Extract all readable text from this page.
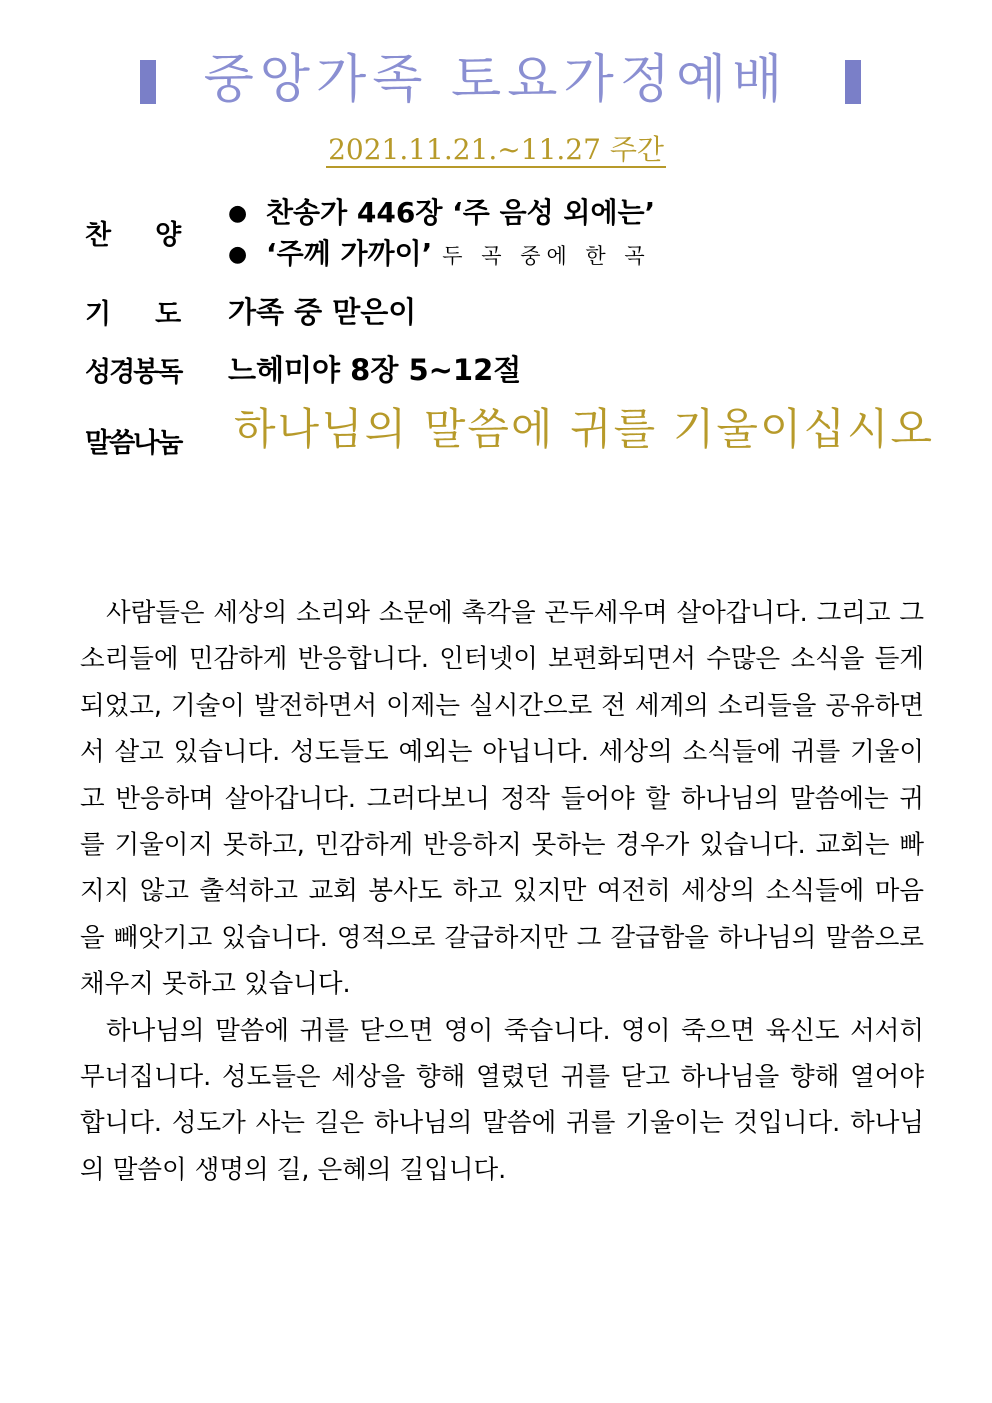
중앙가족 토요가정예배
2021.11.21.~11.27 주간
찬양
● 찬송가 446장 ‘주 음성 외에는’
● ‘주께 가까이’ 두 곡 중에 한 곡
기도 가족 중 맏은이
성경봉독 느헤미야 8장 5~12절
말씀나눔 하나님의 말씀에 귀를 기울이십시오

사람들은 세상의 소리와 소문에 촉각을 곤두세우며 살아갑니다. 그리고 그 소리들에 민감하게 반응합니다. 인터넷이 보편화되면서 수많은 소식을 듣게 되었고, 기술이 발전하면서 이제는 실시간으로 전 세계의 소리들을 공유하면서 살고 있습니다. 성도들도 예외는 아닙니다. 세상의 소식들에 귀를 기울이고 반응하며 살아갑니다. 그러다보니 정작 들어야 할 하나님의 말씀에는 귀를 기울이지 못하고, 민감하게 반응하지 못하는 경우가 있습니다. 교회는 빠지지 않고 출석하고 교회 봉사도 하고 있지만 여전히 세상의 소식들에 마음을 빼앗기고 있습니다. 영적으로 갈급하지만 그 갈급함을 하나님의 말씀으로 채우지 못하고 있습니다.

하나님의 말씀에 귀를 닫으면 영이 죽습니다. 영이 죽으면 육신도 서서히 무너집니다. 성도들은 세상을 향해 열렸던 귀를 닫고 하나님을 향해 열어야 합니다. 성도가 사는 길은 하나님의 말씀에 귀를 기울이는 것입니다. 하나님의 말씀이 생명의 길, 은혜의 길입니다.
